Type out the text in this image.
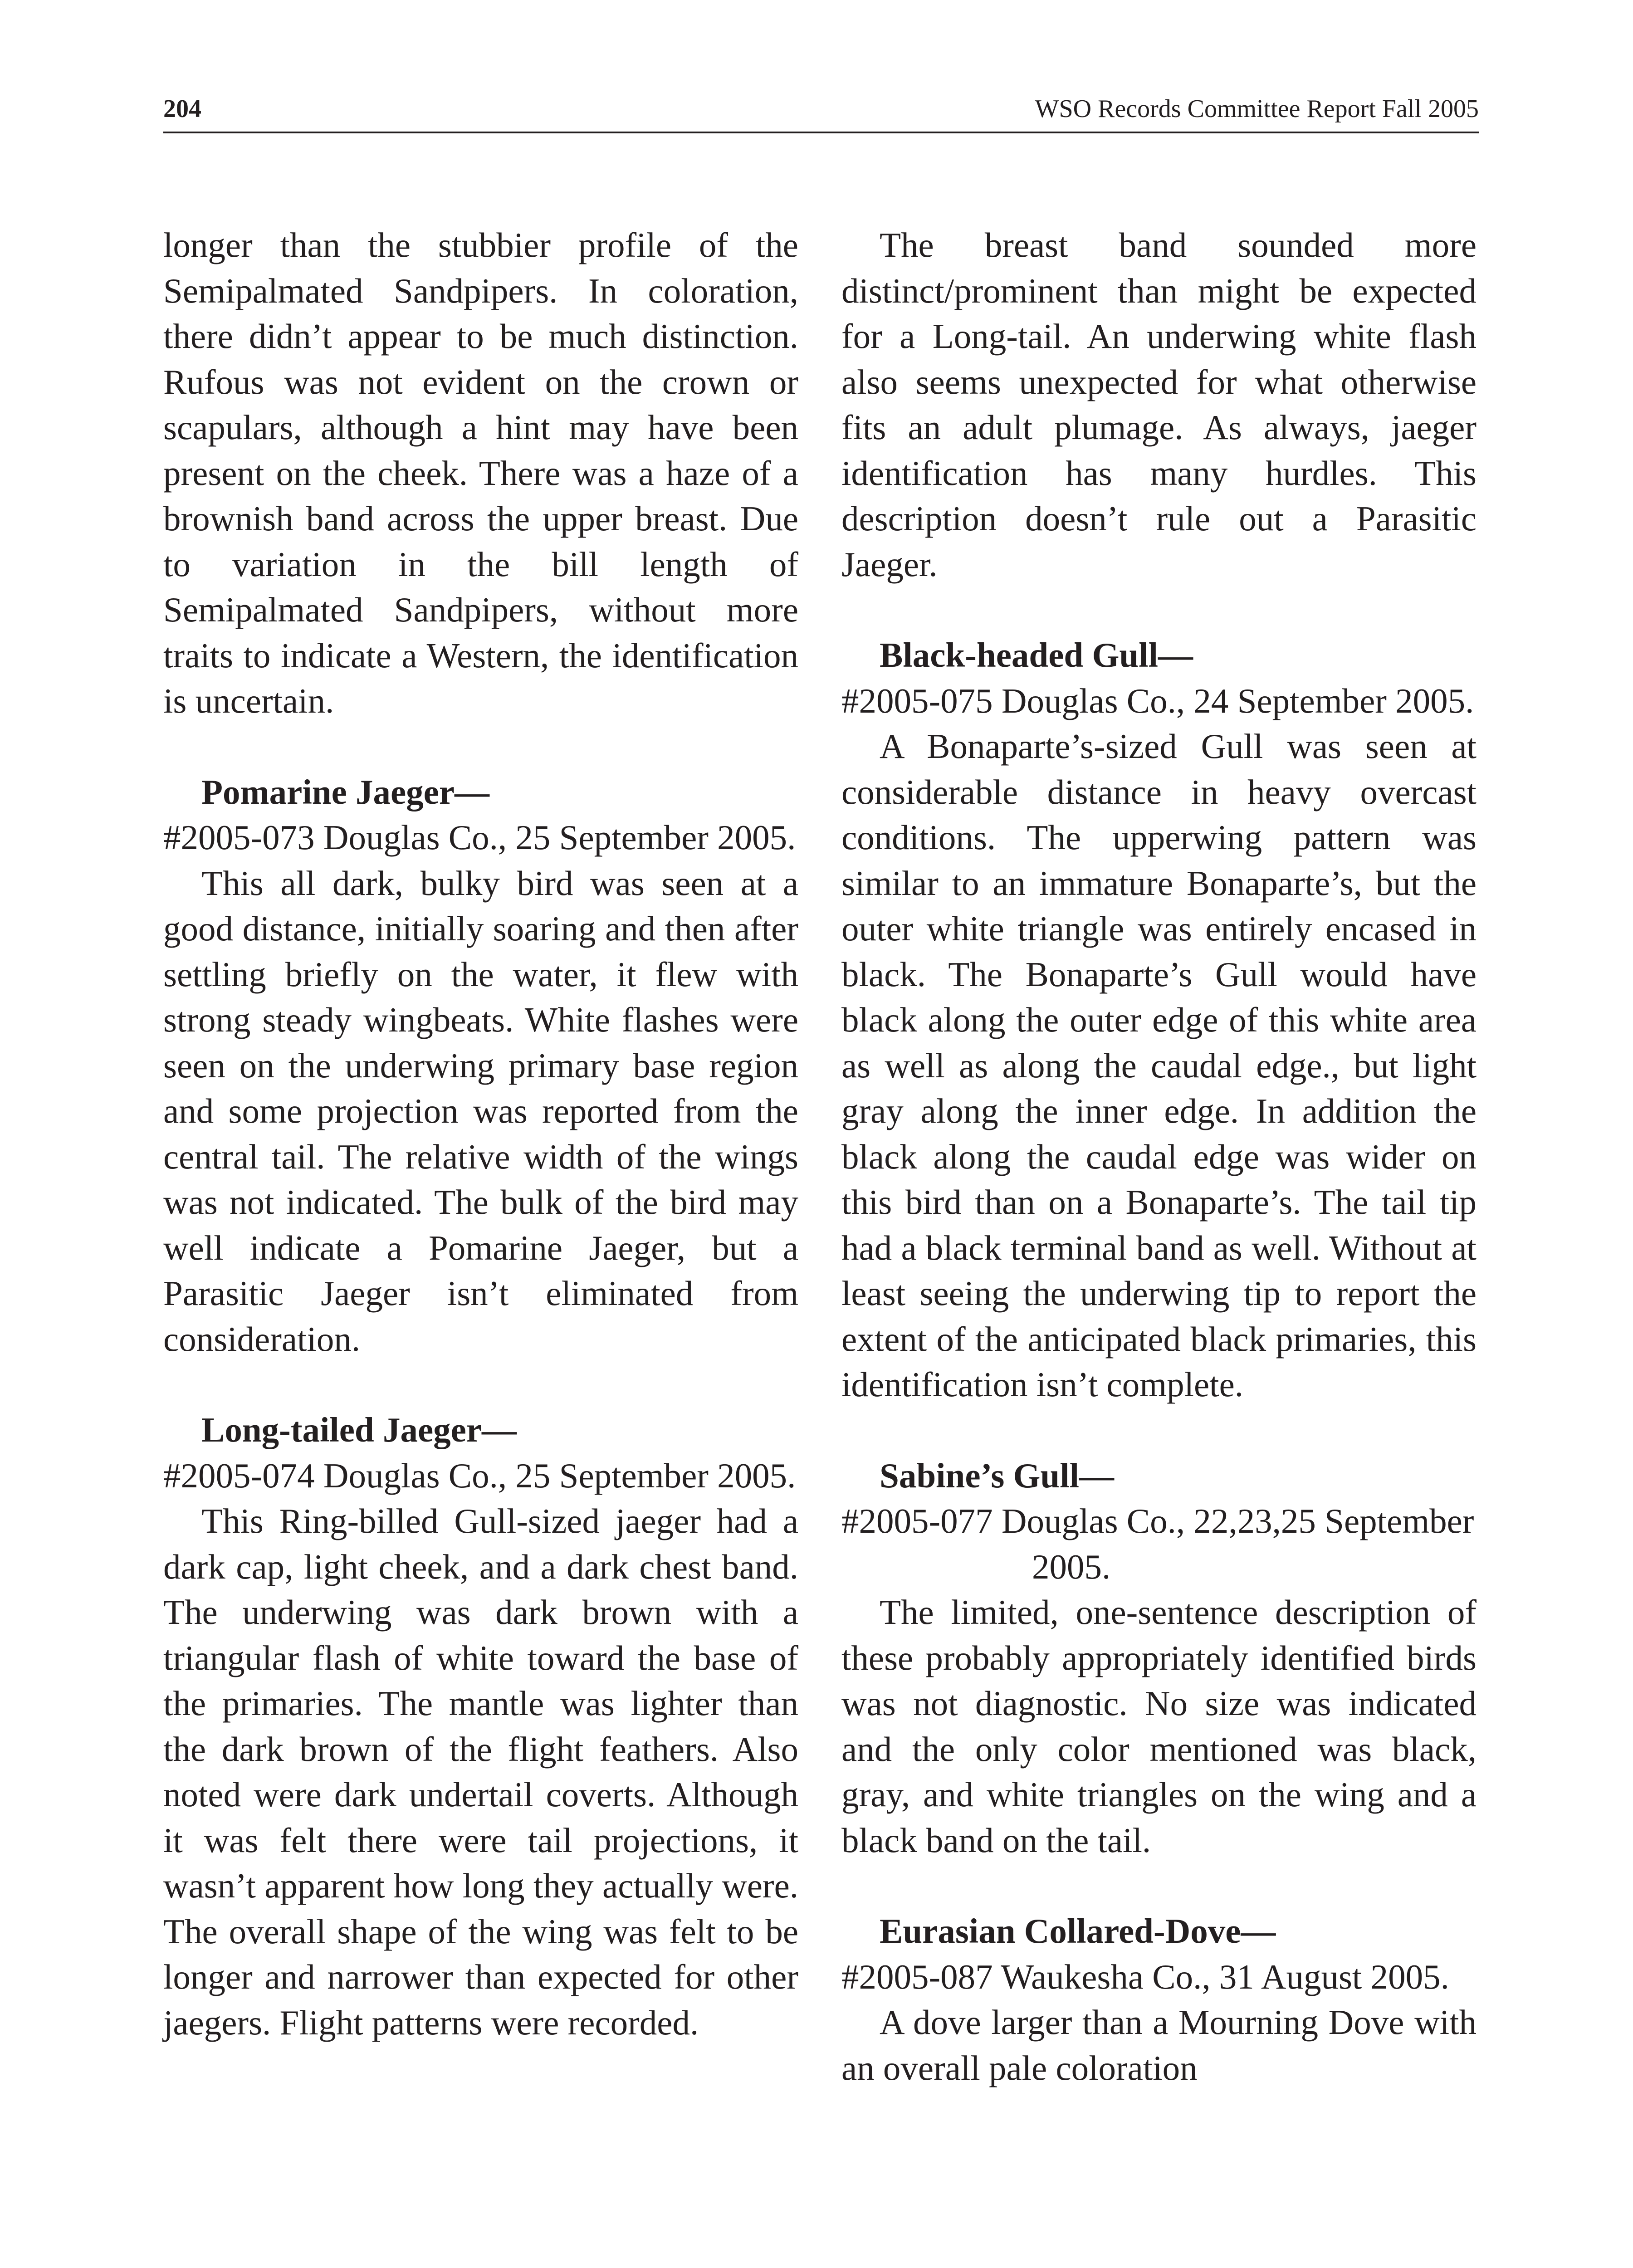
204	WSO Records Committee Report Fall 2005

longer than the stubbier profile of the Semipalmated Sandpipers. In coloration, there didn’t appear to be much distinction. Rufous was not evident on the crown or scapulars, although a hint may have been present on the cheek. There was a haze of a brownish band across the upper breast. Due to variation in the bill length of Semipalmated Sandpipers, without more traits to indicate a Western, the identification is uncertain.

Pomarine Jaeger—

#2005-073 Douglas Co., 25 September 2005.

This all dark, bulky bird was seen at a good distance, initially soaring and then after settling briefly on the water, it flew with strong steady wingbeats. White flashes were seen on the underwing primary base region and some projection was reported from the central tail. The relative width of the wings was not indicated. The bulk of the bird may well indicate a Pomarine Jaeger, but a Parasitic Jaeger isn’t eliminated from consideration.

Long-tailed Jaeger—

#2005-074 Douglas Co., 25 September 2005.

This Ring-billed Gull-sized jaeger had a dark cap, light cheek, and a dark chest band. The underwing was dark brown with a triangular flash of white toward the base of the primaries. The mantle was lighter than the dark brown of the flight feathers. Also noted were dark undertail coverts. Although it was felt there were tail projections, it wasn’t apparent how long they actually were. The overall shape of the wing was felt to be longer and narrower than expected for other jaegers. Flight patterns were recorded.

The breast band sounded more distinct/prominent than might be expected for a Long-tail. An underwing white flash also seems unexpected for what otherwise fits an adult plumage. As always, jaeger identification has many hurdles. This description doesn’t rule out a Parasitic Jaeger.

Black-headed Gull—

#2005-075 Douglas Co., 24 September 2005.

A Bonaparte’s-sized Gull was seen at considerable distance in heavy overcast conditions. The upperwing pattern was similar to an immature Bonaparte’s, but the outer white triangle was entirely encased in black. The Bonaparte’s Gull would have black along the outer edge of this white area as well as along the caudal edge., but light gray along the inner edge. In addition the black along the caudal edge was wider on this bird than on a Bonaparte’s. The tail tip had a black terminal band as well. Without at least seeing the underwing tip to report the extent of the anticipated black primaries, this identification isn’t complete.

Sabine’s Gull—

#2005-077 Douglas Co., 22,23,25 September 2005.

The limited, one-sentence description of these probably appropriately identified birds was not diagnostic. No size was indicated and the only color mentioned was black, gray, and white triangles on the wing and a black band on the tail.

Eurasian Collared-Dove—

#2005-087 Waukesha Co., 31 August 2005.

A dove larger than a Mourning Dove with an overall pale coloration
